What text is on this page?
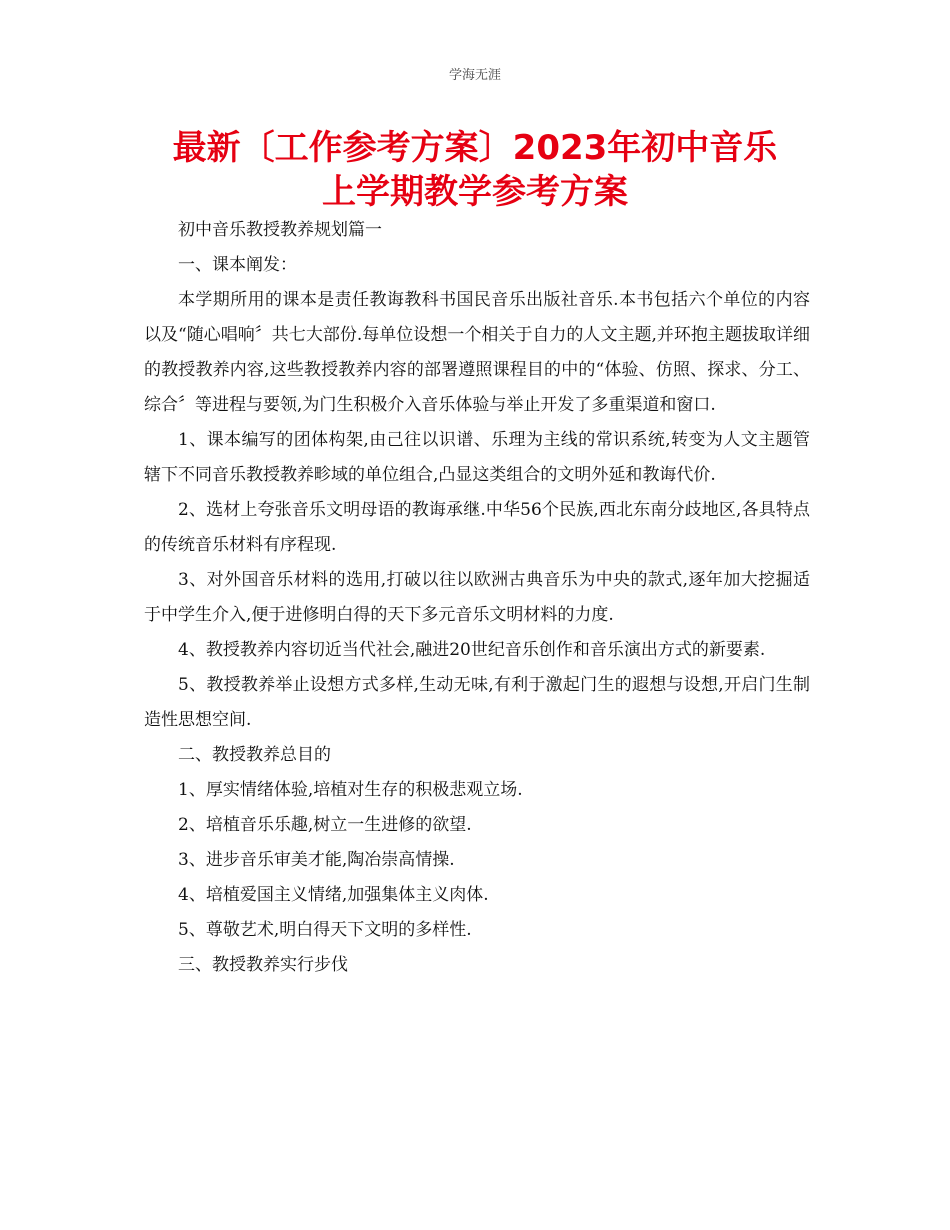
学海无涯
最新〔工作参考方案〕2023年初中音乐
上学期教学参考方案

初中音乐教授教养规划篇一

一、课本阐发：

本学期所用的课本是责任教诲教科书国民音乐出版社音乐.本书包括六个单位的内容以及“随心唱响〞共七大部份.每单位设想一个相关于自力的人文主题,并环抱主题拔取详细的教授教养内容,这些教授教养内容的部署遵照课程目的中的“体验、仿照、探求、分工、综合〞等进程与要领,为门生积极介入音乐体验与举止开发了多重渠道和窗口.

1、课本编写的团体构架,由己往以识谱、乐理为主线的常识系统,转变为人文主题管辖下不同音乐教授教养畛域的单位组合,凸显这类组合的文明外延和教诲代价.

2、选材上夸张音乐文明母语的教诲承继.中华56个民族,西北东南分歧地区,各具特点的传统音乐材料有序程现.

3、对外国音乐材料的选用,打破以往以欧洲古典音乐为中央的款式,逐年加大挖掘适于中学生介入,便于进修明白得的天下多元音乐文明材料的力度.

4、教授教养内容切近当代社会,融进20世纪音乐创作和音乐演出方式的新要素.

5、教授教养举止设想方式多样,生动无味,有利于激起门生的遐想与设想,开启门生制造性思想空间.

二、教授教养总目的

1、厚实情绪体验,培植对生存的积极悲观立场.

2、培植音乐乐趣,树立一生进修的欲望.

3、进步音乐审美才能,陶冶崇高情操.

4、培植爱国主义情绪,加强集体主义肉体.

5、尊敬艺术,明白得天下文明的多样性.

三、教授教养实行步伐
